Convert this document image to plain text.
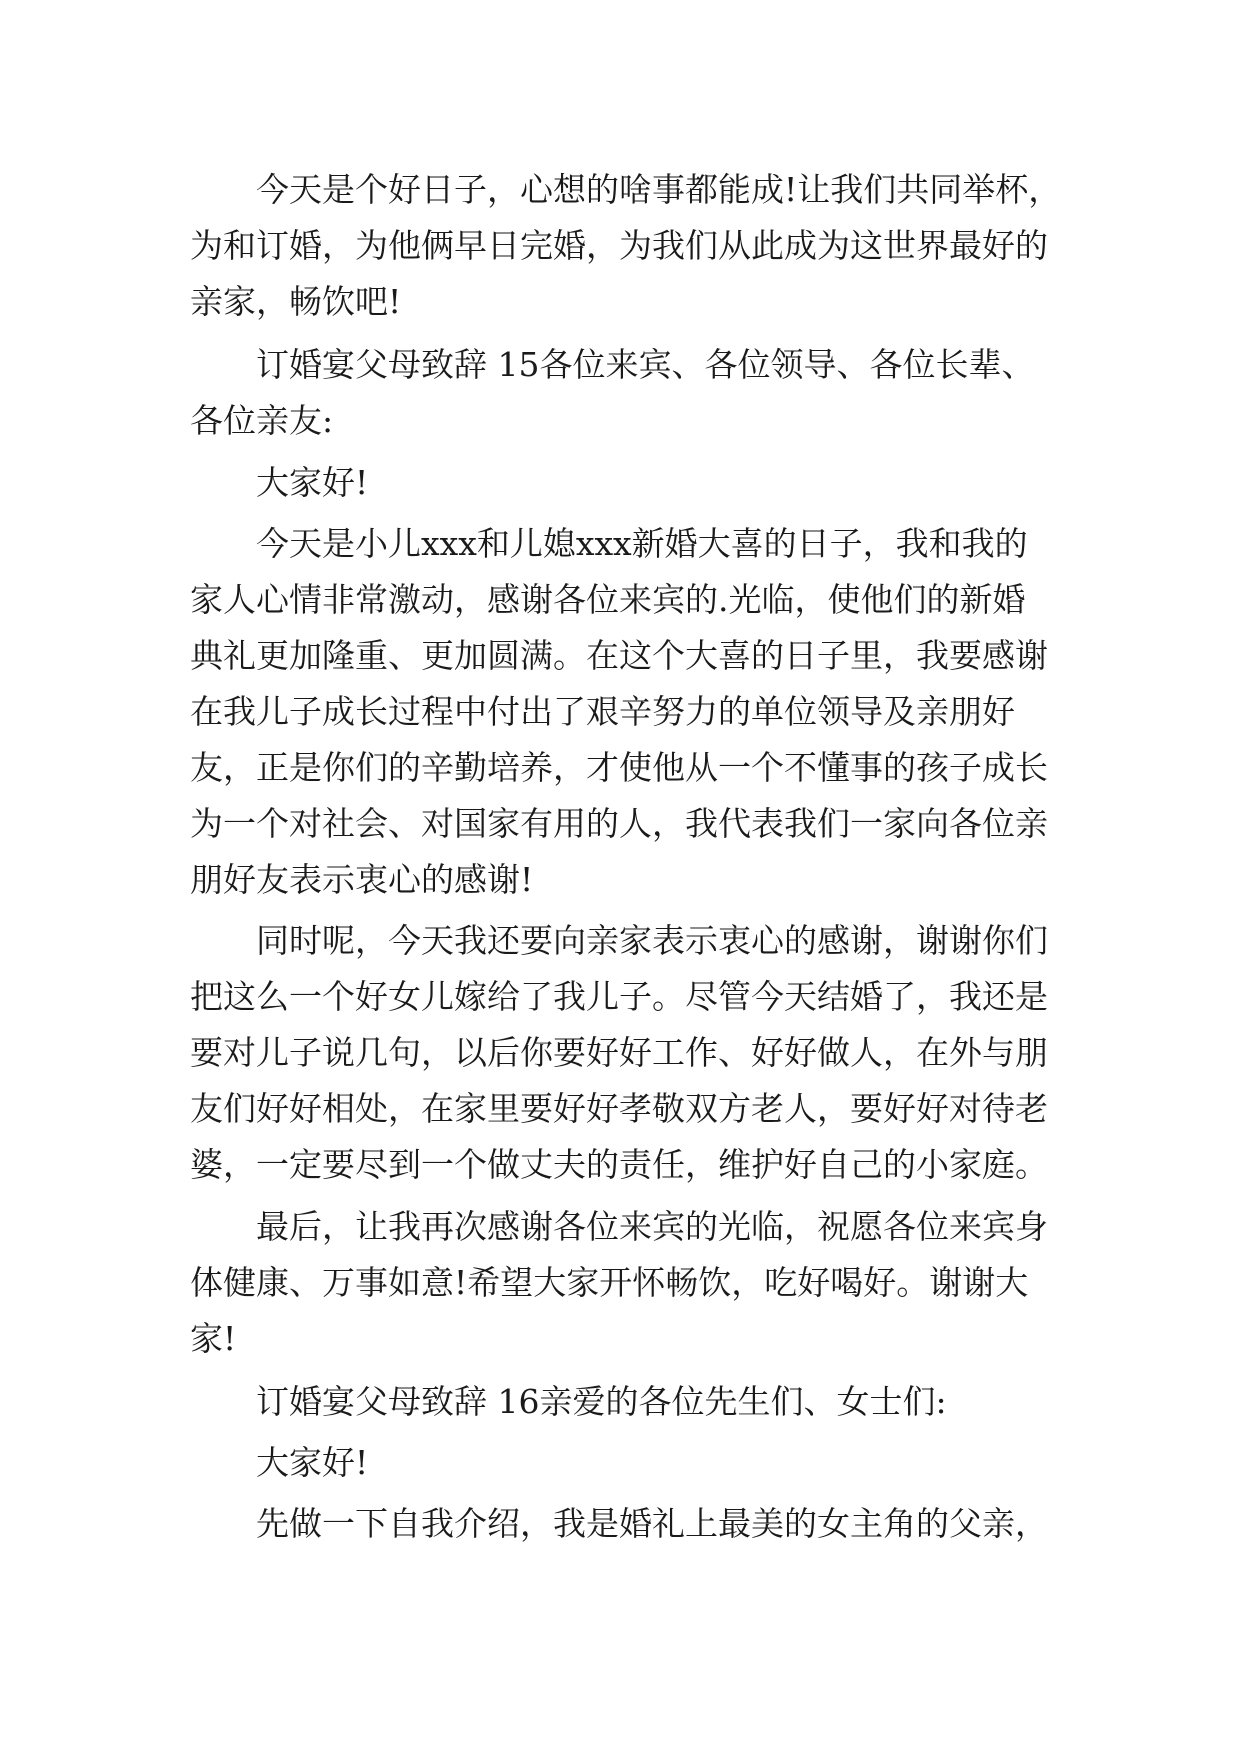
今天是个好日子，心想的啥事都能成!让我们共同举杯，
为和订婚，为他俩早日完婚，为我们从此成为这世界最好的
亲家，畅饮吧!
订婚宴父母致辞 15各位来宾、各位领导、各位长辈、
各位亲友:
大家好!
今天是小儿xxx和儿媳xxx新婚大喜的日子，我和我的
家人心情非常激动，感谢各位来宾的.光临，使他们的新婚
典礼更加隆重、更加圆满。在这个大喜的日子里，我要感谢
在我儿子成长过程中付出了艰辛努力的单位领导及亲朋好
友，正是你们的辛勤培养，才使他从一个不懂事的孩子成长
为一个对社会、对国家有用的人，我代表我们一家向各位亲
朋好友表示衷心的感谢!
同时呢，今天我还要向亲家表示衷心的感谢，谢谢你们
把这么一个好女儿嫁给了我儿子。尽管今天结婚了，我还是
要对儿子说几句，以后你要好好工作、好好做人，在外与朋
友们好好相处，在家里要好好孝敬双方老人，要好好对待老
婆，一定要尽到一个做丈夫的责任，维护好自己的小家庭。
最后，让我再次感谢各位来宾的光临，祝愿各位来宾身
体健康、万事如意!希望大家开怀畅饮，吃好喝好。谢谢大
家!
订婚宴父母致辞 16亲爱的各位先生们、女士们:
大家好!
先做一下自我介绍，我是婚礼上最美的女主角的父亲，
